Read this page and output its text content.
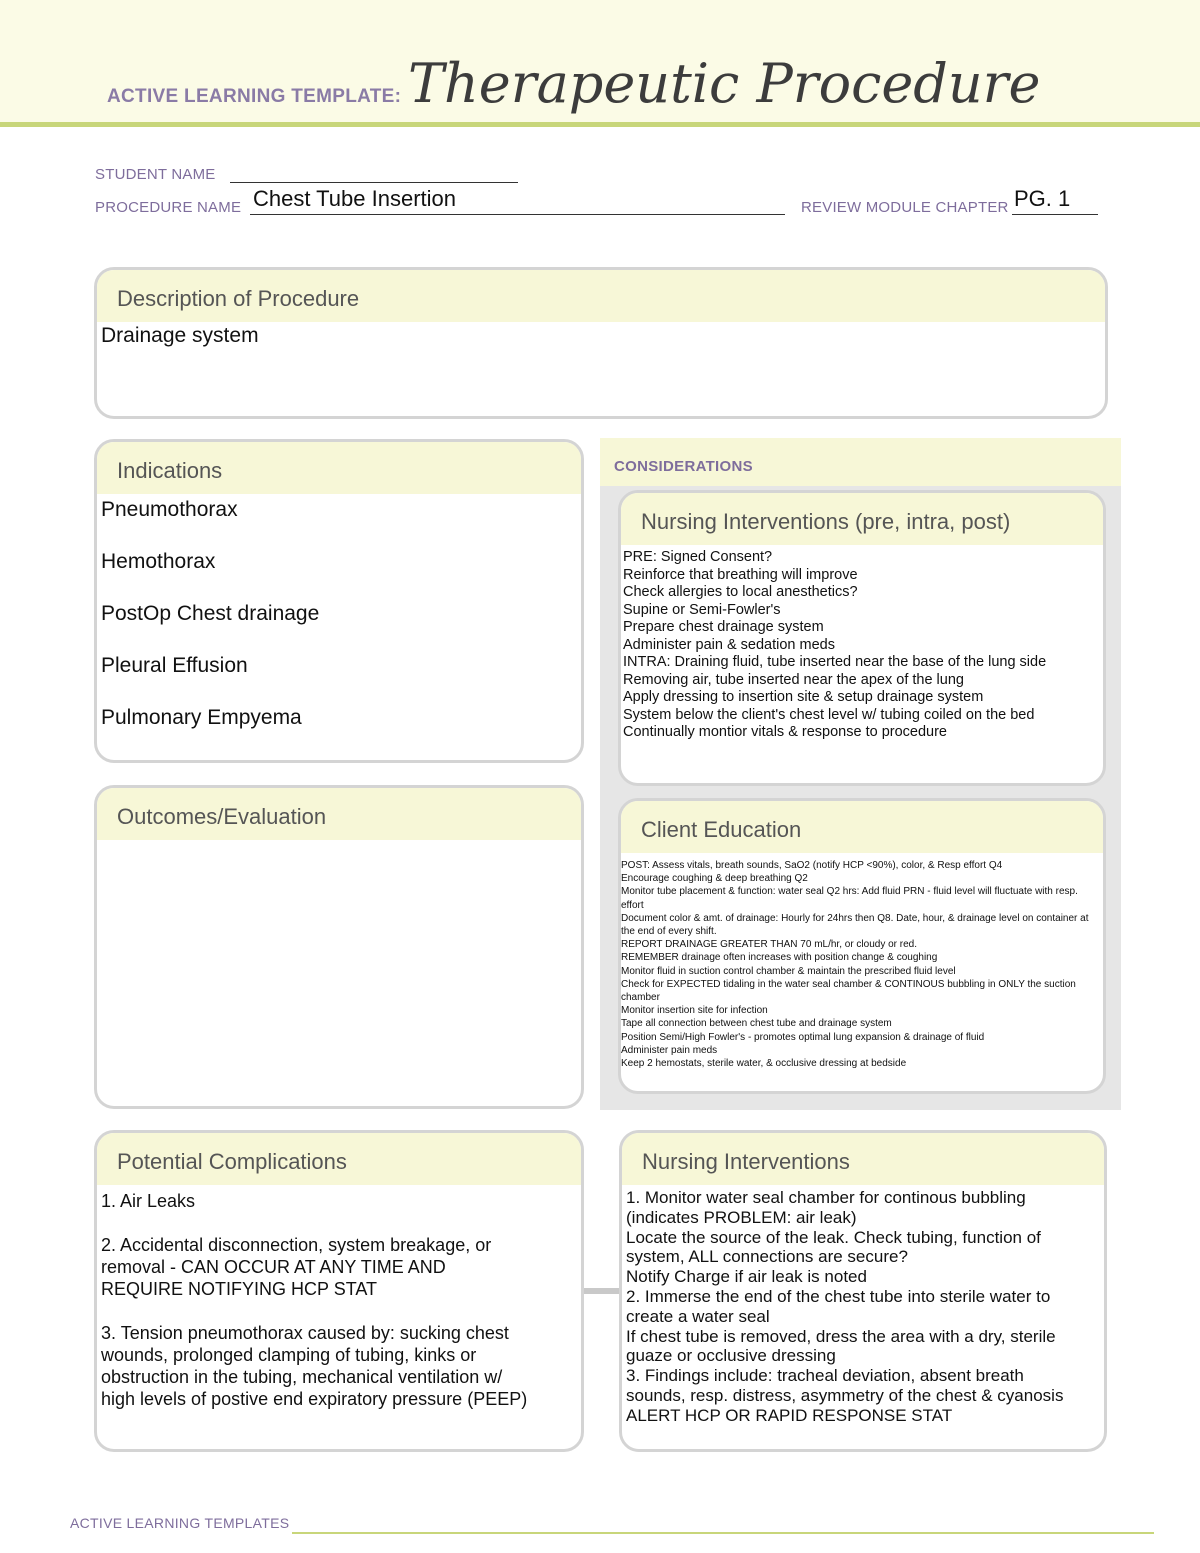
ACTIVE LEARNING TEMPLATE: Therapeutic Procedure
STUDENT NAME
PROCEDURE NAME Chest Tube Insertion	REVIEW MODULE CHAPTER PG. 1
Description of Procedure
Drainage system
Indications
Pneumothorax
Hemothorax
PostOp Chest drainage
Pleural Effusion
Pulmonary Empyema
Outcomes/Evaluation
CONSIDERATIONS
Nursing Interventions (pre, intra, post)
PRE: Signed Consent?
Reinforce that breathing will improve
Check allergies to local anesthetics?
Supine or Semi-Fowler's
Prepare chest drainage system
Administer pain & sedation meds
INTRA: Draining fluid, tube inserted near the base of the lung side
Removing air, tube inserted near the apex of the lung
Apply dressing to insertion site & setup drainage system
System below the client's chest level w/ tubing coiled on the bed
Continually montior vitals & response to procedure
Client Education
POST: Assess vitals, breath sounds, SaO2 (notify HCP <90%), color, & Resp effort Q4
Encourage coughing & deep breathing Q2
Monitor tube placement & function: water seal Q2 hrs: Add fluid PRN - fluid level will fluctuate with resp. effort
Document color & amt. of drainage: Hourly for 24hrs then Q8. Date, hour, & drainage level on container at the end of every shift.
REPORT DRAINAGE GREATER THAN 70 mL/hr, or cloudy or red.
REMEMBER drainage often increases with position change & coughing
Monitor fluid in suction control chamber & maintain the prescribed fluid level
Check for EXPECTED tidaling in the water seal chamber & CONTINOUS bubbling in ONLY the suction chamber
Monitor insertion site for infection
Tape all connection between chest tube and drainage system
Position Semi/High Fowler's - promotes optimal lung expansion & drainage of fluid
Administer pain meds
Keep 2 hemostats, sterile water, & occlusive dressing at bedside
Potential Complications
1. Air Leaks

2. Accidental disconnection, system breakage, or
removal - CAN OCCUR AT ANY TIME AND
REQUIRE NOTIFYING HCP STAT

3. Tension pneumothorax caused by: sucking chest
wounds, prolonged clamping of tubing, kinks or
obstruction in the tubing, mechanical ventilation w/
high levels of postive end expiratory pressure (PEEP)
Nursing Interventions
1. Monitor water seal chamber for continous bubbling
(indicates PROBLEM: air leak)
Locate the source of the leak. Check tubing, function of
system, ALL connections are secure?
Notify Charge if air leak is noted
2. Immerse the end of the chest tube into sterile water to
create a water seal
If chest tube is removed, dress the area with a dry, sterile
guaze or occlusive dressing
3. Findings include: tracheal deviation, absent breath
sounds, resp. distress, asymmetry of the chest & cyanosis
ALERT HCP OR RAPID RESPONSE STAT
ACTIVE LEARNING TEMPLATES
